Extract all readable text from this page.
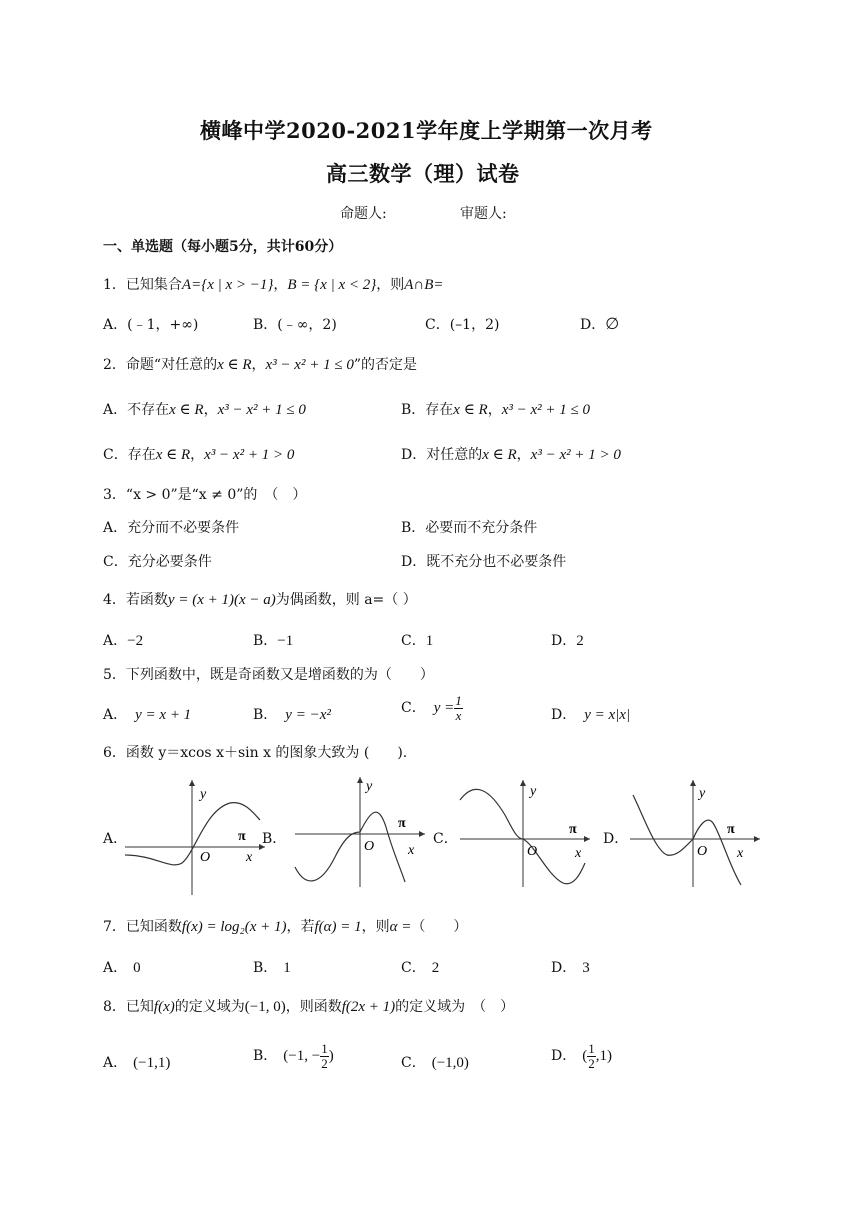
横峰中学2020-2021学年度上学期第一次月考
高三数学（理）试卷
命题人:	审题人:
一、单选题（每小题5分，共计60分）
1．已知集合A={x | x > −1}，B = {x | x < 2}，则A∩B=
A．(﹣1，+∞)	B．(﹣∞，2)	C．(–1，2)	D．∅
2．命题“对任意的x ∈ R，x³ − x² + 1 ≤ 0”的否定是
A．不存在x ∈ R，x³ − x² + 1 ≤ 0	B．存在x ∈ R，x³ − x² + 1 ≤ 0
C．存在x ∈ R，x³ − x² + 1 > 0	D．对任意的x ∈ R，x³ − x² + 1 > 0
3．“x > 0”是“x ≠ 0”的　（　）
A．充分而不必要条件	B．必要而不充分条件
C．充分必要条件	D．既不充分也不必要条件
4．若函数y = (x + 1)(x − a)为偶函数，则 a=（ ）
A．−2	B．−1	C．1	D．2
5．下列函数中，既是奇函数又是增函数的为（　　）
A． y = x + 1	B． y = −x²	C． $y = \frac{1}{x}$	D． y = x|x|
6．函数 y＝xcos x＋sin x 的图象大致为 (　　).
A．	B．	C．	D．
y
O
π
x
y
O
π
x
y
O
π
x
y
O
π
x
7．已知函数f(x) = log₂(x + 1)，若f(α) = 1，则α =（　　）
A． 0	B． 1	C． 2	D． 3
8．已知f(x)的定义域为(−1, 0)，则函数f(2x + 1)的定义域为　（　）
A． (−1,1)	B． (−1, − $\frac{1}{2}$ )	C． (−1,0)	D． ( $\frac{1}{2} ,1$)
